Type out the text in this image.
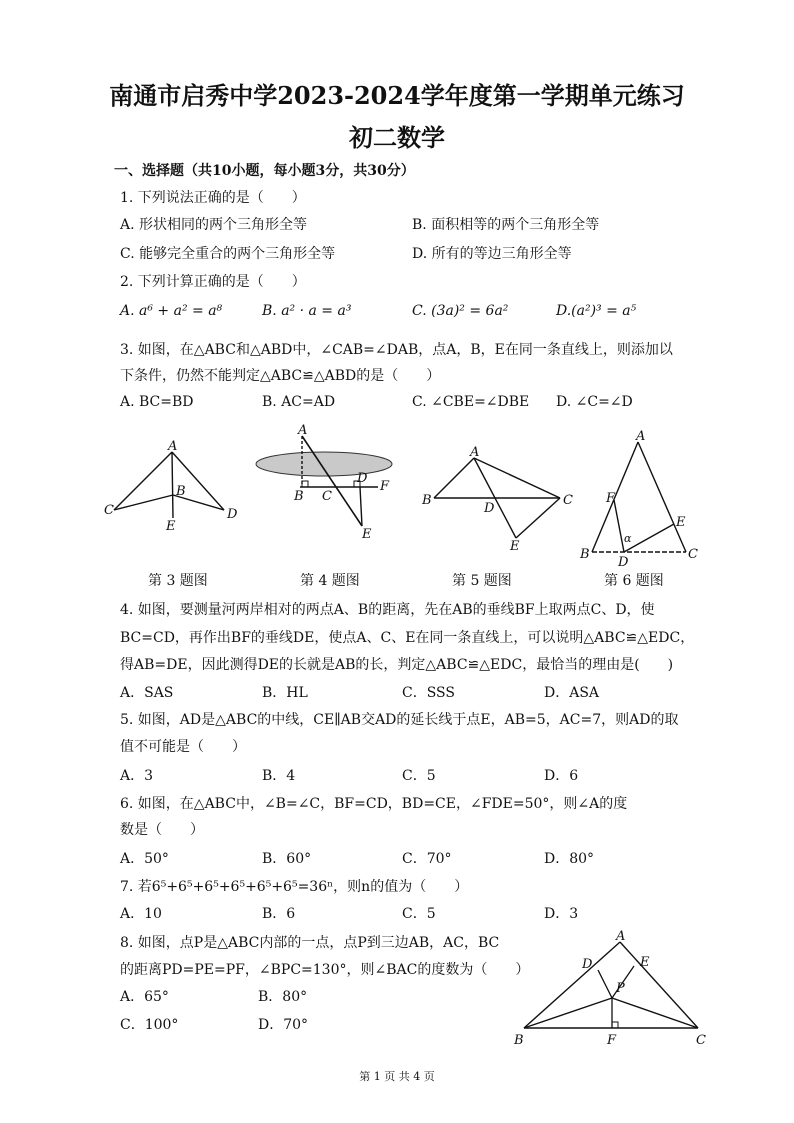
南通市启秀中学2023-2024学年度第一学期单元练习
初二数学
一、选择题（共10小题，每小题3分，共30分）
1. 下列说法正确的是（　　）
A. 形状相同的两个三角形全等	B. 面积相等的两个三角形全等
C. 能够完全重合的两个三角形全等	D. 所有的等边三角形全等
2. 下列计算正确的是（　　）
A. a⁶ + a² = a⁸	B. a² · a = a³	C. (3a)² = 6a²	D.(a²)³ = a⁵
3. 如图，在△ABC和△ABD中，∠CAB=∠DAB，点A，B，E在同一条直线上，则添加以
下条件，仍然不能判定△ABC≌△ABD的是（　　）
A. BC=BD	B. AC=AD	C. ∠CBE=∠DBE D. ∠C=∠D
A
C	D
B
E
A
B C
D
F
E
A
B	C
D
E
A
B	C
F
E
D
α
第 3 题图	第 4 题图	第 5 题图	第 6 题图
4. 如图，要测量河两岸相对的两点A、B的距离，先在AB的垂线BF上取两点C、D，使
BC=CD，再作出BF的垂线DE，使点A、C、E在同一条直线上，可以说明△ABC≌△EDC，
得AB=DE，因此测得DE的长就是AB的长，判定△ABC≌△EDC，最恰当的理由是(　　)
A．SAS	B．HL	C．SSS	D．ASA
5. 如图，AD是△ABC的中线，CE∥AB交AD的延长线于点E，AB=5，AC=7，则AD的取
值不可能是（　　）
A．3	B．4	C．5	D．6
6. 如图，在△ABC中，∠B=∠C，BF=CD，BD=CE，∠FDE=50°，则∠A的度
数是（　　）
A．50°	B．60°	C．70°	D．80°
7. 若6⁵+6⁵+6⁵+6⁵+6⁵+6⁵=36ⁿ，则n的值为（　　）
A．10	B．6	C．5	D．3
8. 如图，点P是△ABC内部的一点，点P到三边AB，AC，BC
的距离PD=PE=PF，∠BPC=130°，则∠BAC的度数为（　　）
A．65°	B．80°
C．100°	D．70°
A
B	C
D	E
P
F
第 1 页 共 4 页
